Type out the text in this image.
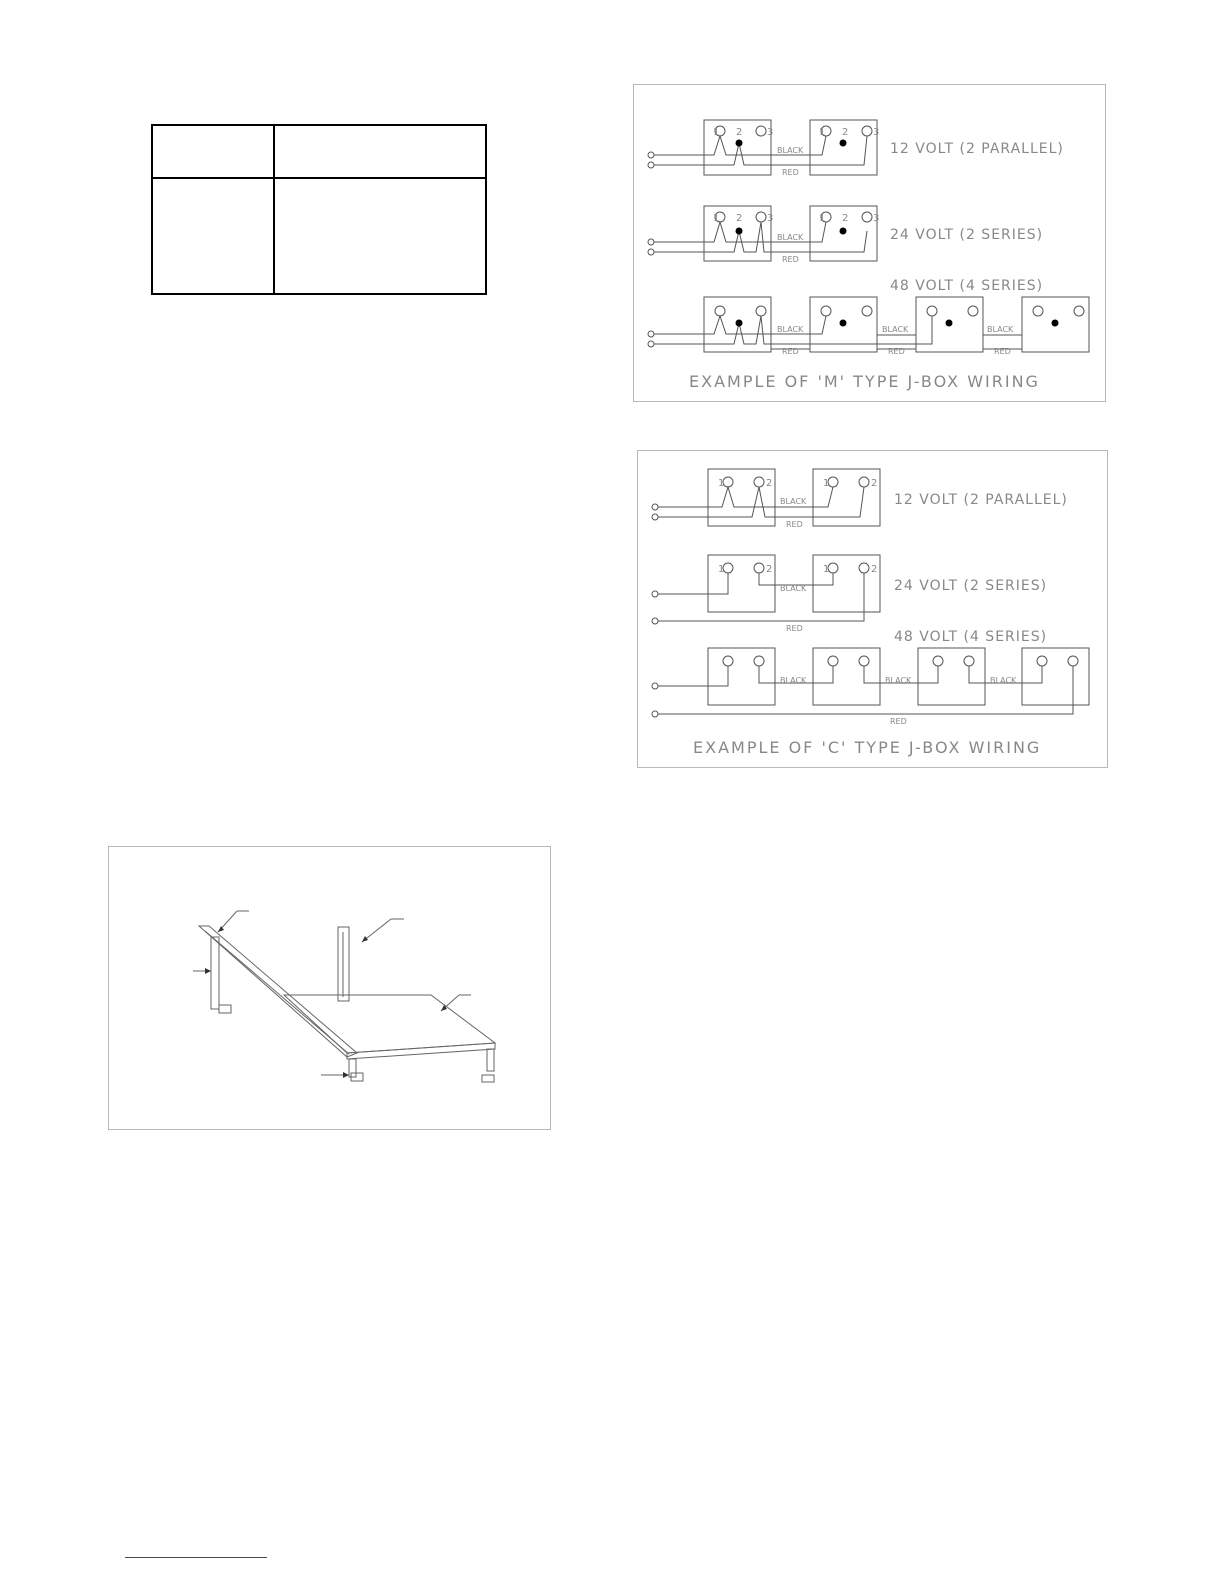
1 2 3	1 2 3
1 2 3	1 2 3
BLACK
RED
BLACK
RED
BLACK
RED
BLACK
RED
BLACK
RED
12 VOLT (2 PARALLEL)
24 VOLT (2 SERIES)
48 VOLT (4 SERIES)
EXAMPLE OF 'M' TYPE J-BOX WIRING
1	2	1	2
1	2	1	2
BLACK
RED
BLACK
RED
BLACK	BLACK	BLACK
RED
12 VOLT (2 PARALLEL)
24 VOLT (2 SERIES)
48 VOLT (4 SERIES)
EXAMPLE OF 'C' TYPE J-BOX WIRING
